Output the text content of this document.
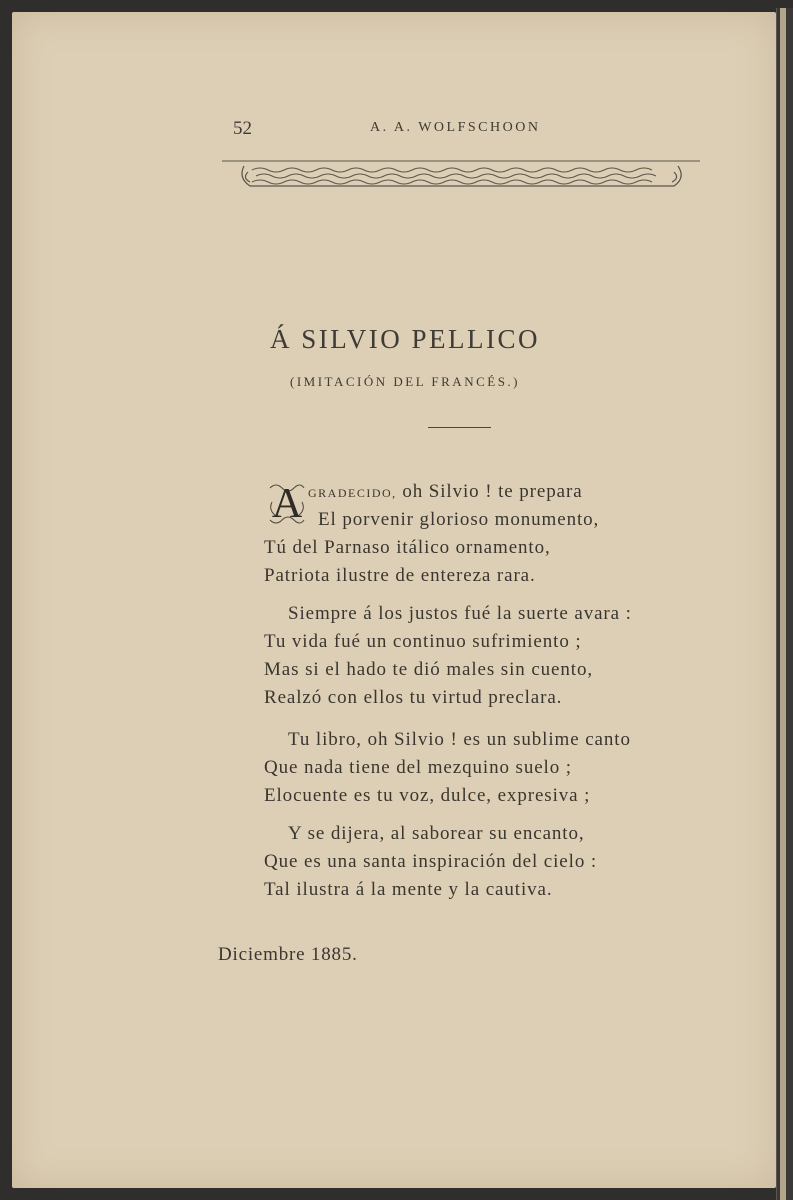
52	A. A. WOLFSCHOON
Á SILVIO PELLICO
(IMITACIÓN DEL FRANCÉS.)
A GRADECIDO, oh Silvio ! te prepara
El porvenir glorioso monumento,
Tú del Parnaso itálico ornamento,
Patriota ilustre de entereza rara.
Siempre á los justos fué la suerte avara :
Tu vida fué un continuo sufrimiento ;
Mas si el hado te dió males sin cuento,
Realzó con ellos tu virtud preclara.
Tu libro, oh Silvio ! es un sublime canto
Que nada tiene del mezquino suelo ;
Elocuente es tu voz, dulce, expresiva ;
Y se dijera, al saborear su encanto,
Que es una santa inspiración del cielo :
Tal ilustra á la mente y la cautiva.
Diciembre 1885.
